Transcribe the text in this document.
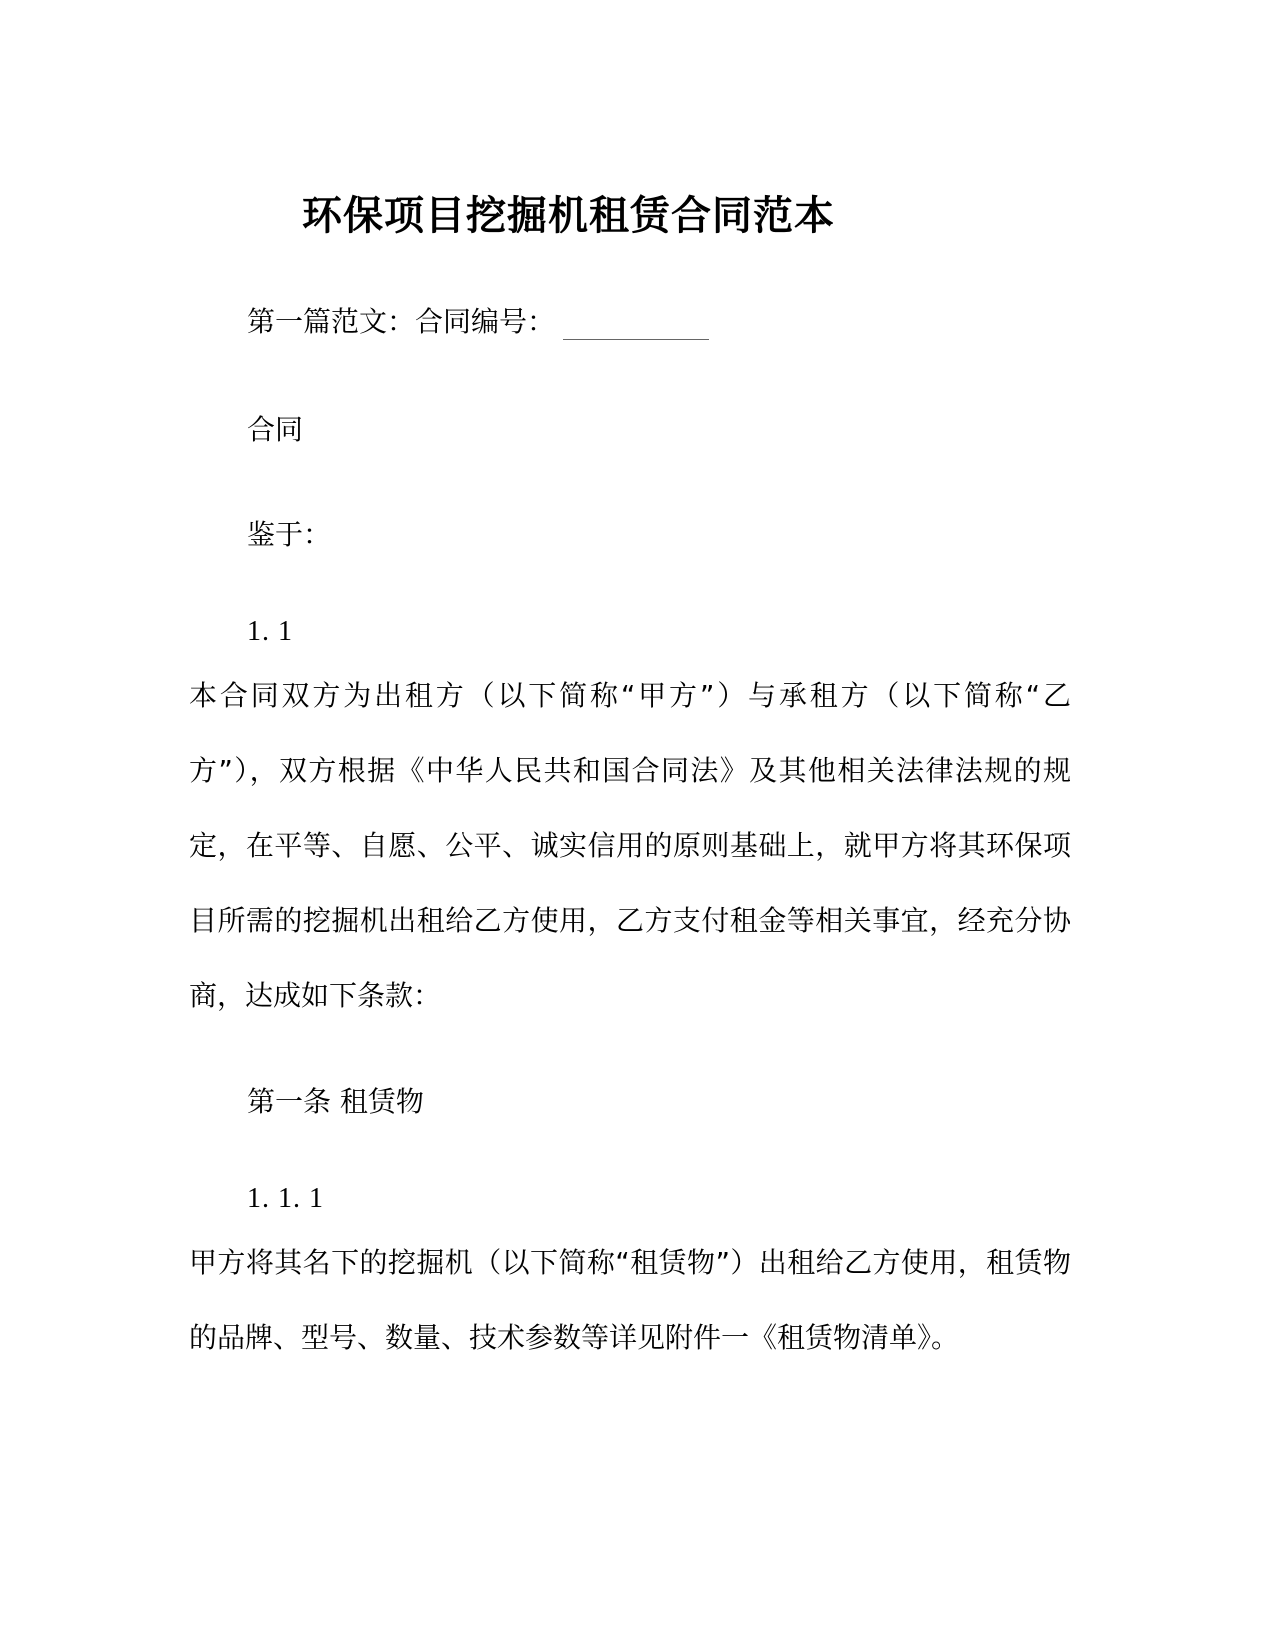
环保项目挖掘机租赁合同范本
第一篇范文：合同编号：
合同
鉴于：
1. 1
本合同双方为出租方（以下简称“甲方”）与承租方（以下简称“乙方”），双方根据《中华人民共和国合同法》及其他相关法律法规的规定，在平等、自愿、公平、诚实信用的原则基础上，就甲方将其环保项目所需的挖掘机出租给乙方使用，乙方支付租金等相关事宜，经充分协商，达成如下条款：
第一条 租赁物
1. 1. 1
甲方将其名下的挖掘机（以下简称“租赁物”）出租给乙方使用，租赁物的品牌、型号、数量、技术参数等详见附件一《租赁物清单》。
